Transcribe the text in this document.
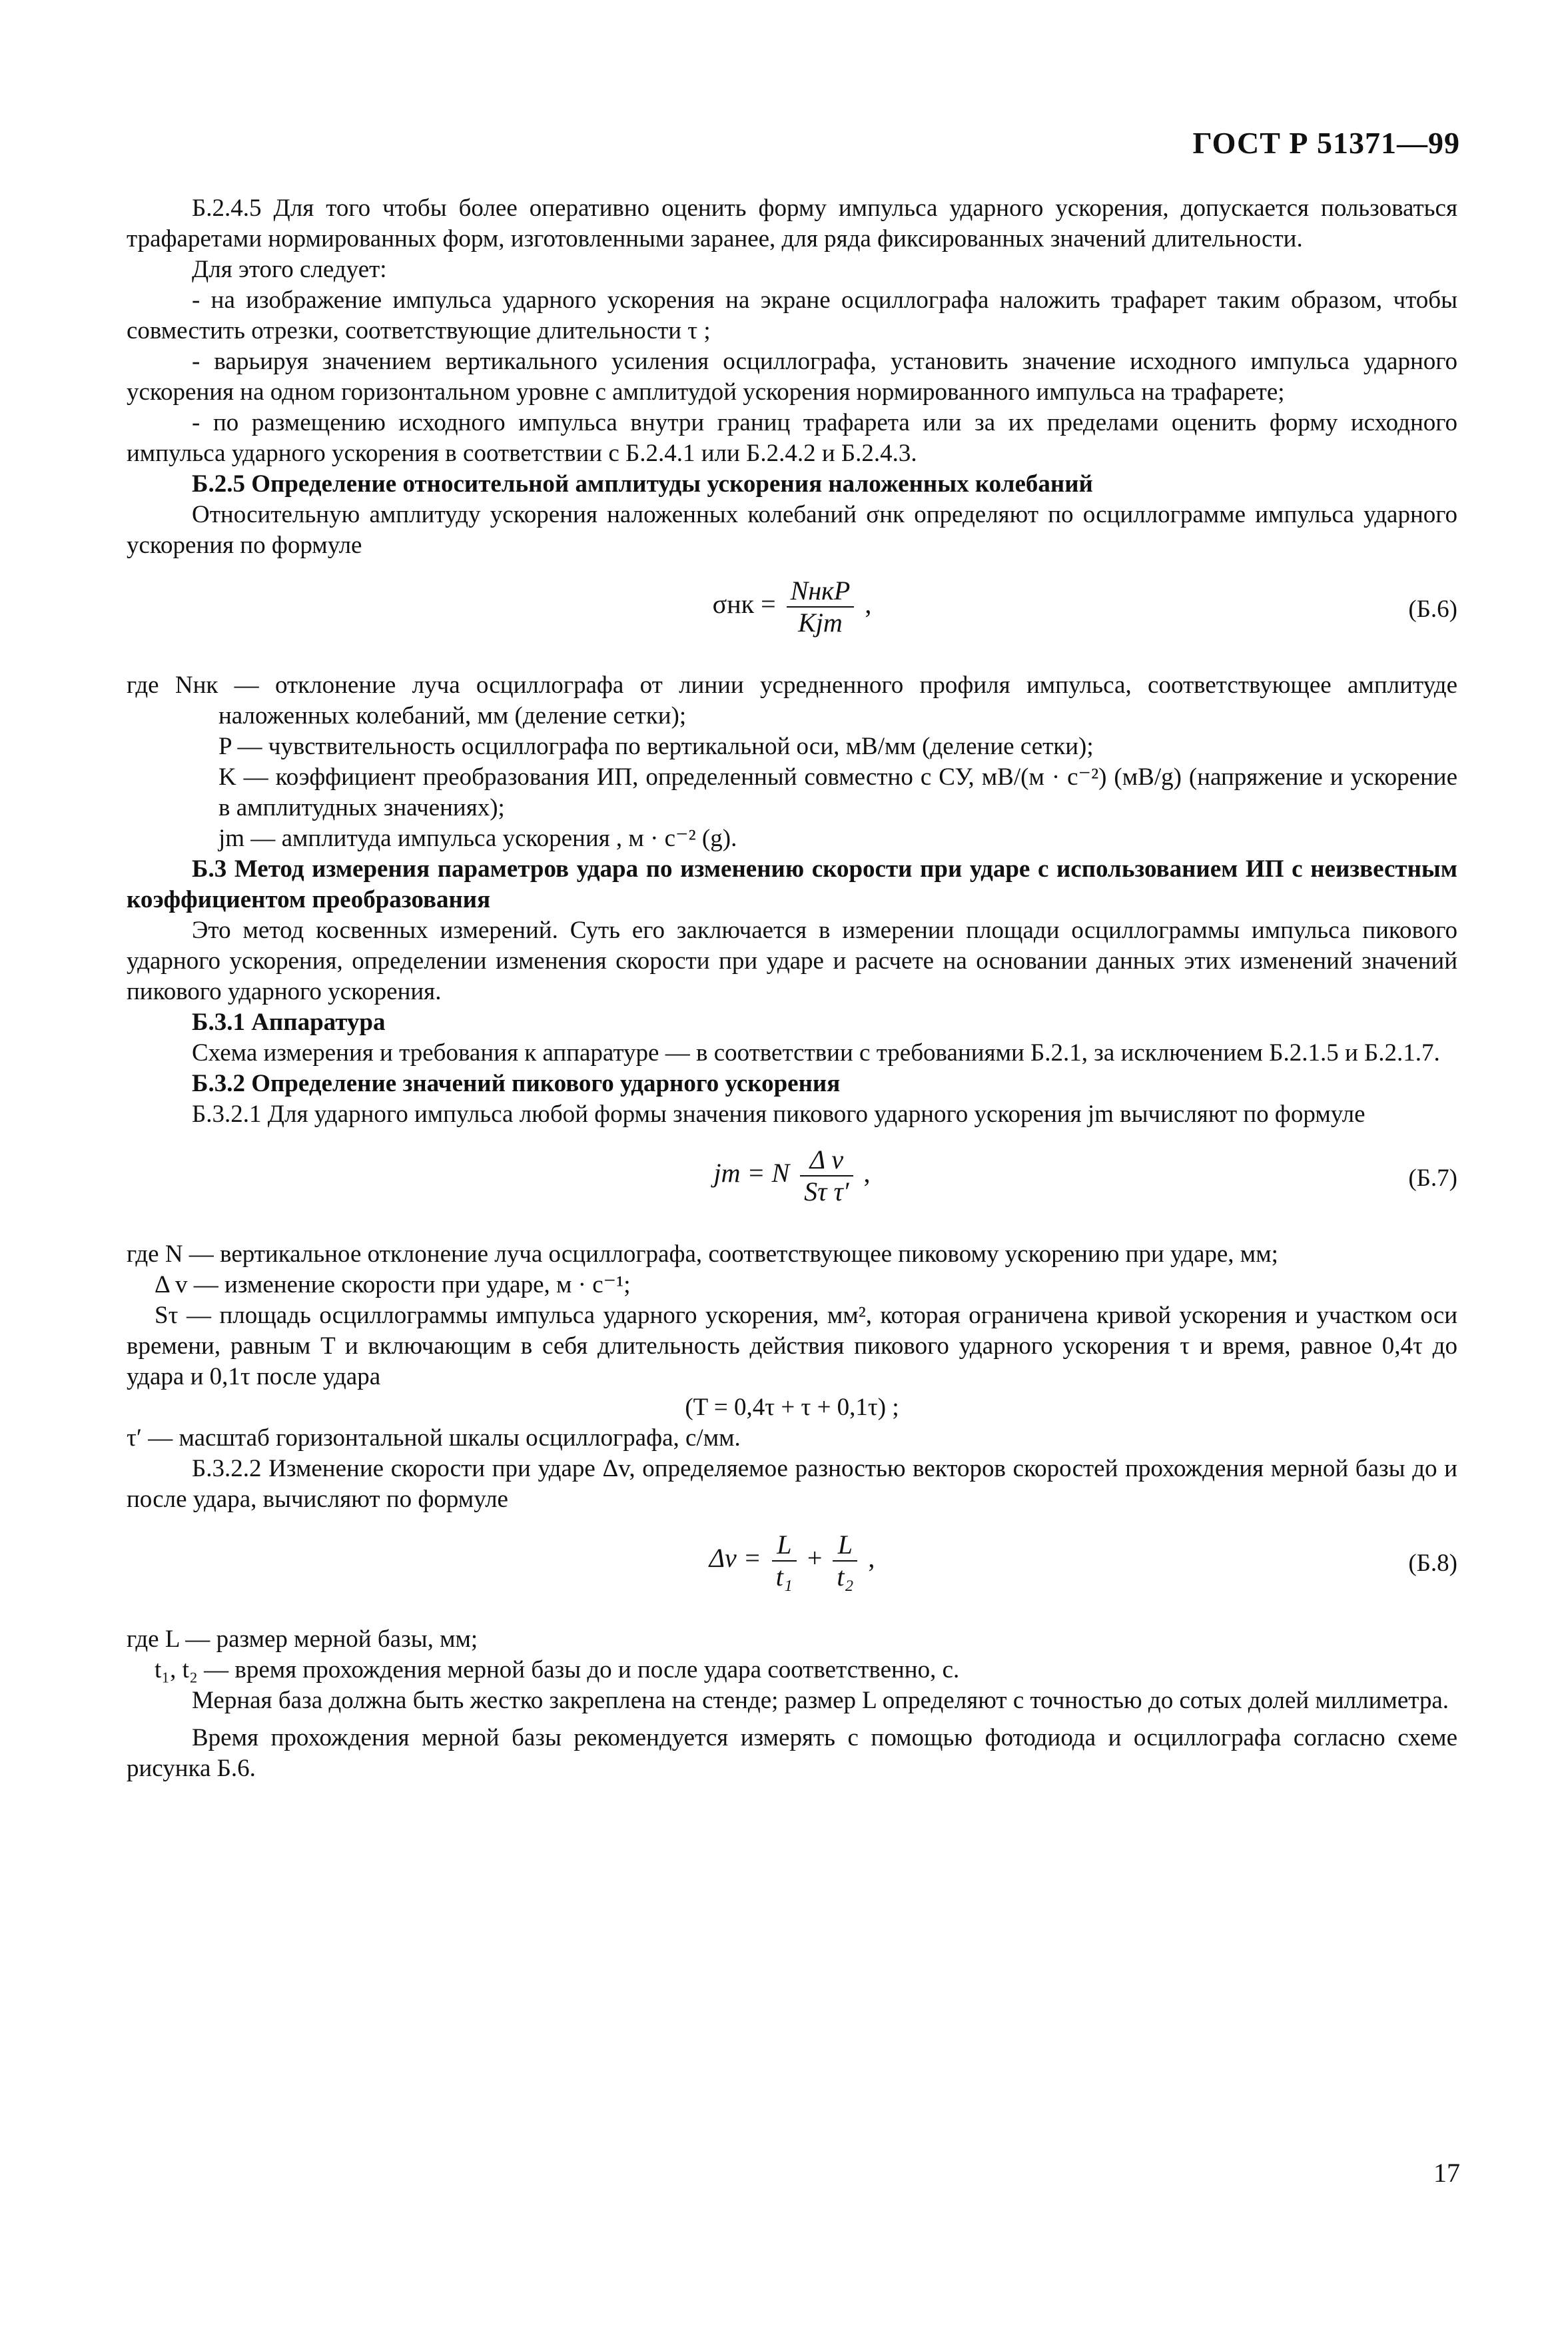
ГОСТ Р 51371—99

Б.2.4.5 Для того чтобы более оперативно оценить форму импульса ударного ускорения, допускается пользоваться трафаретами нормированных форм, изготовленными заранее, для ряда фиксированных значений длительности.

Для этого следует:

- на изображение импульса ударного ускорения на экране осциллографа наложить трафарет таким образом, чтобы совместить отрезки, соответствующие длительности τ ;

- варьируя значением вертикального усиления осциллографа, установить значение исходного импульса ударного ускорения на одном горизонтальном уровне с амплитудой ускорения нормированного импульса на трафарете;

- по размещению исходного импульса внутри границ трафарета или за их пределами оценить форму исходного импульса ударного ускорения в соответствии с Б.2.4.1 или Б.2.4.2 и Б.2.4.3.

Б.2.5 Определение относительной амплитуды ускорения наложенных колебаний

Относительную амплитуду ускорения наложенных колебаний σнк определяют по осциллограмме импульса ударного ускорения по формуле

$\sigma нк = \frac{\text{NнкP}}{\text{Kjm}}$ ,	(Б.6)

где Nнк — отклонение луча осциллографа от линии усредненного профиля импульса, соответствующее амплитуде наложенных колебаний, мм (деление сетки);

P — чувствительность осциллографа по вертикальной оси, мВ/мм (деление сетки);

K — коэффициент преобразования ИП, определенный совместно с СУ, мВ/(м · с⁻²) (мВ/g) (напряжение и ускорение в амплитудных значениях);

jm — амплитуда импульса ускорения , м · с⁻² (g).

Б.3 Метод измерения параметров удара по изменению скорости при ударе с использованием ИП с неизвестным коэффициентом преобразования

Это метод косвенных измерений. Суть его заключается в измерении площади осциллограммы импульса пикового ударного ускорения, определении изменения скорости при ударе и расчете на основании данных этих изменений значений пикового ударного ускорения.

Б.3.1 Аппаратура

Схема измерения и требования к аппаратуре — в соответствии с требованиями Б.2.1, за исключением Б.2.1.5 и Б.2.1.7.

Б.3.2 Определение значений пикового ударного ускорения

Б.3.2.1 Для ударного импульса любой формы значения пикового ударного ускорения jm вычисляют по формуле

jm = N $\frac{\text{Δ v}}{\text{Sτ τ′}}$ ,	(Б.7)

где N — вертикальное отклонение луча осциллографа, соответствующее пиковому ускорению при ударе, мм;

Δ v — изменение скорости при ударе, м · с⁻¹;

Sτ — площадь осциллограммы импульса ударного ускорения, мм², которая ограничена кривой ускорения и участком оси времени, равным T и включающим в себя длительность действия пикового ударного ускорения τ и время, равное 0,4τ до удара и 0,1τ после удара

(T = 0,4τ + τ + 0,1τ) ;

τ′ — масштаб горизонтальной шкалы осциллографа, с/мм.

Б.3.2.2 Изменение скорости при ударе Δv, определяемое разностью векторов скоростей прохождения мерной базы до и после удара, вычисляют по формуле

$\Delta v = \frac{L}{\text{t₁}} + \frac{L}{\text{t₂}}$ ,	(Б.8)

где L — размер мерной базы, мм;

t₁, t₂ — время прохождения мерной базы до и после удара соответственно, с.

Мерная база должна быть жестко закреплена на стенде; размер L определяют с точностью до сотых долей миллиметра.

Время прохождения мерной базы рекомендуется измерять с помощью фотодиода и осциллографа согласно схеме рисунка Б.6.

17
